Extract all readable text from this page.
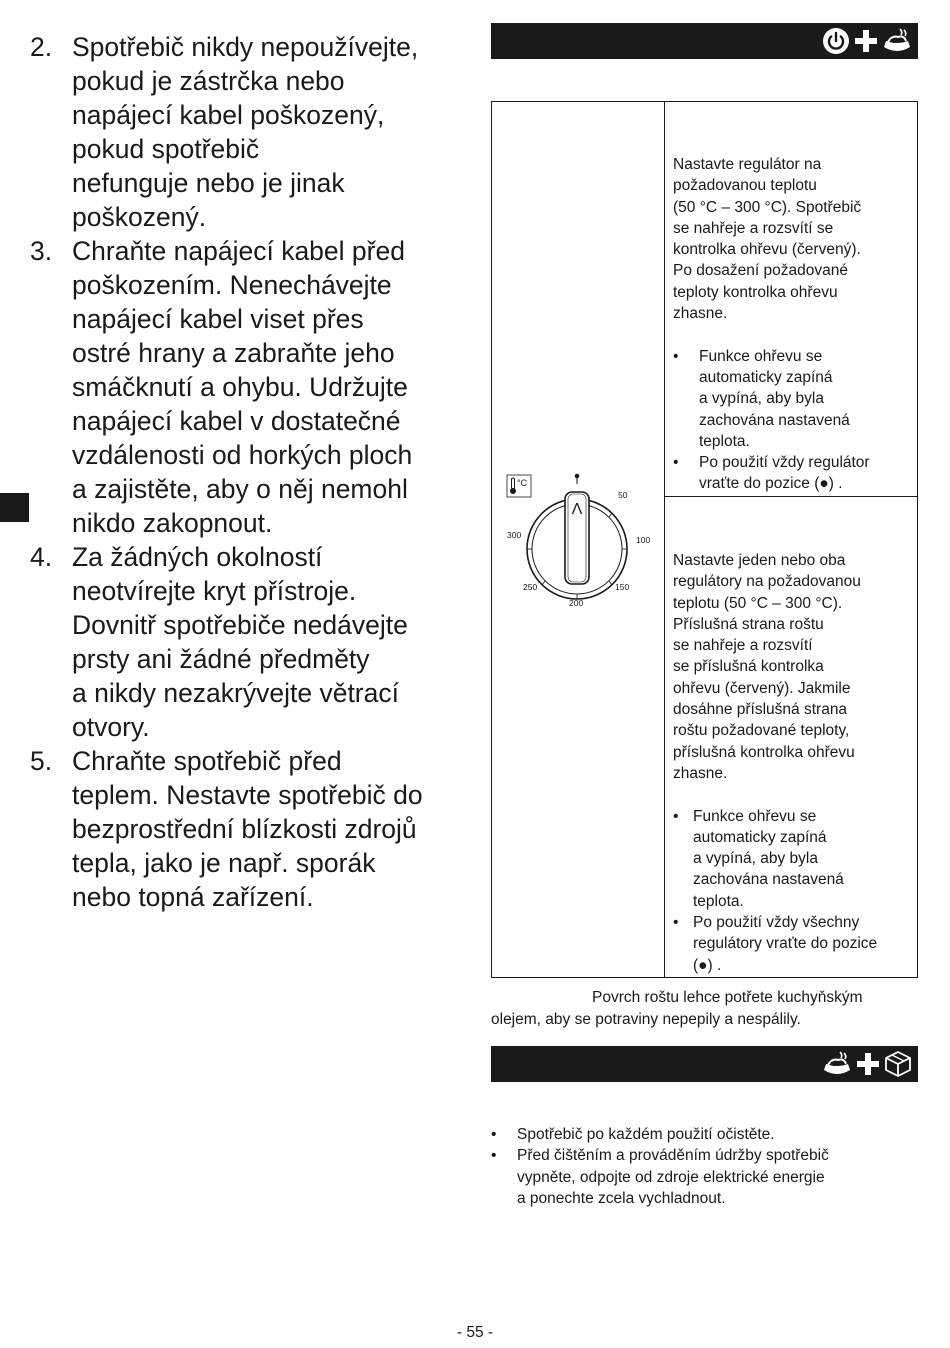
2. Spotřebič nikdy nepoužívejte,
pokud je zástrčka nebo
napájecí kabel poškozený,
pokud spotřebič
nefunguje nebo je jinak
poškozený.
3. Chraňte napájecí kabel před
poškozením. Nenechávejte
napájecí kabel viset přes
ostré hrany a zabraňte jeho
smáčknutí a ohybu. Udržujte
napájecí kabel v dostatečné
vzdálenosti od horkých ploch
a zajistěte, aby o něj nemohl
nikdo zakopnout.
4. Za žádných okolností
neotvírejte kryt přístroje.
Dovnitř spotřebiče nedávejte
prsty ani žádné předměty
a nikdy nezakrývejte větrací
otvory.
5. Chraňte spotřebič před
teplem. Nestavte spotřebič do
bezprostřední blízkosti zdrojů
tepla, jako je např. sporák
nebo topná zařízení.
Nastavte regulátor na
požadovanou teplotu
(50 °C – 300 °C). Spotřebič
se nahřeje a rozsvítí se
kontrolka ohřevu (červený).
Po dosažení požadované
teploty kontrolka ohřevu
zhasne.
•	Funkce ohřevu se
automaticky zapíná
a vypíná, aby byla
zachována nastavená
teplota.
•	Po použití vždy regulátor
vraťte do pozice (●) .
Nastavte jeden nebo oba
regulátory na požadovanou
teplotu (50 °C – 300 °C).
Příslušná strana roštu
se nahřeje a rozsvítí
se příslušná kontrolka
ohřevu (červený). Jakmile
dosáhne příslušná strana
roštu požadované teploty,
příslušná kontrolka ohřevu
zhasne.
• Funkce ohřevu se
automaticky zapíná
a vypíná, aby byla
zachována nastavená
teplota.
• Po použití vždy všechny
regulátory vraťte do pozice
(●) .
°C
Λ
50
100
150
200
250
300
Povrch roštu lehce potřete kuchyňským
olejem, aby se potraviny nepepily a nespálily.
•	Spotřebič po každém použití očistěte.
•	Před čištěním a prováděním údržby spotřebič
vypněte, odpojte od zdroje elektrické energie
a ponechte zcela vychladnout.
- 55 -
